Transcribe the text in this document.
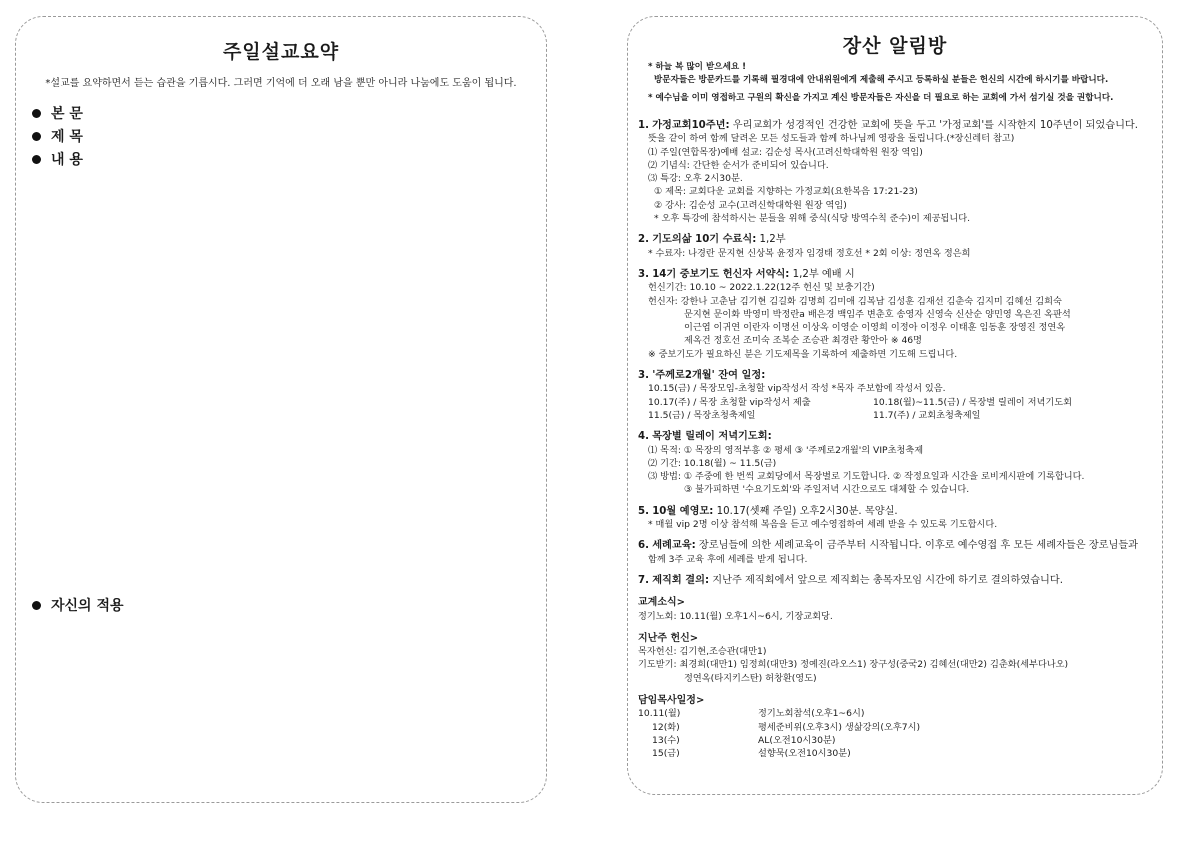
주일설교요약
*설교를 요약하면서 듣는 습관을 기릅시다. 그러면 기억에 더 오래 남을 뿐만 아니라 나눔에도 도움이 됩니다.
본 문
제 목
내 용
자신의 적용
장산 알림방
* 하늘 복 많이 받으세요 !
방문자들은 방문카드를 기록해 필경대에 안내위원에게 제출해 주시고 등록하실 분들은 헌신의 시간에 하시기를 바랍니다.
* 예수님을 이미 영접하고 구원의 확신을 가지고 계신 방문자들은 자신을 더 필요로 하는 교회에 가서 섬기실 것을 권합니다.
1. 가정교회10주년: 우리교회가 성경적인 건강한 교회에 뜻을 두고 '가정교회'를 시작한지 10주년이 되었습니다.
뜻을 같이 하여 함께 달려온 모든 성도들과 함께 하나님께 영광을 돌립니다.(*장신레터 참고)
⑴ 주일(연합목장)예배 설교: 김순성 목사(고려신학대학원 원장 역임)
⑵ 기념식: 간단한 순서가 준비되어 있습니다.
⑶ 특강: 오후 2시30분.
① 제목: 교회다운 교회를 지향하는 가정교회(요한복음 17:21-23)
② 강사: 김순성 교수(고려신학대학원 원장 역임)
* 오후 특강에 참석하시는 분들을 위해 중식(식당 방역수칙 준수)이 제공됩니다.
2. 기도의삶 10기 수료식: 1,2부
* 수료자: 나경란 문지현 신상복 윤정자 임경태 정호선 * 2회 이상: 정연옥 정은희
3. 14기 중보기도 헌신자 서약식: 1,2부 예배 시
헌신기간: 10.10 ~ 2022.1.22(12주 헌신 및 보충기간)
헌신자: 강한나 고춘남 김기현 김길화 김명희 김미애 김복남 김성훈 김재선 김춘숙 김지미 김혜선 김희숙
문지현 문이화 박영미 박정란a 배은경 백임주 변춘호 송영자 신영숙 신산순 양민영 옥은진 옥판석
이근엽 이귀연 이란자 이명선 이상옥 이영순 이영희 이정아 이정우 이태훈 임동훈 장영진 정연옥
제옥건 정호선 조미숙 조복순 조승관 최경란 황안아 ※ 46명
※ 중보기도가 필요하신 분은 기도제목을 기록하여 제출하면 기도해 드립니다.
3. '주께로2개월' 잔여 일정:
10.15(금) / 목장모임-초청할 vip작성서 작성 *목자 주보함에 작성서 있음.
10.17(주) / 목장 초청할 vip작성서 제출	10.18(월)~11.5(금) / 목장별 릴레이 저녁기도회
11.5(금) / 목장초청축제일	11.7(주) / 교회초청축제일
4. 목장별 릴레이 저녁기도회:
⑴ 목적: ① 목장의 영적부흥 ② 평세 ③ '주께로2개월'의 VIP초청축제
⑵ 기간: 10.18(월) ~ 11.5(금)
⑶ 방법: ① 주중에 한 번씩 교회당에서 목장별로 기도합니다. ② 작정요일과 시간을 로비게시판에 기록합니다.
③ 불가피하면 '수요기도회'와 주일저녁 시간으로도 대체할 수 있습니다.
5. 10월 예영모: 10.17(셋째 주일) 오후2시30분. 목양실.
* 매월 vip 2명 이상 참석해 복음을 듣고 예수영접하여 세례 받을 수 있도록 기도합시다.
6. 세례교육: 장로님들에 의한 세례교육이 금주부터 시작됩니다. 이후로 예수영접 후 모든 세례자들은 장로님들과
함께 3주 교육 후에 세례를 받게 됩니다.
7. 제직회 결의: 지난주 제직회에서 앞으로 제직회는 총목자모임 시간에 하기로 결의하였습니다.
교계소식>
정기노회: 10.11(월) 오후1시~6시, 기장교회당.
지난주 헌신>
목자헌신: 김기현,조승관(대만1)
기도받기: 최경희(대만1) 임정희(대만3) 정예진(라오스1) 장구성(중국2) 김혜선(대만2) 김춘화(세부다나오)
정연옥(타지키스탄) 허창환(영도)
담임목사일정>
10.11(월)	정기노회참석(오후1~6시)
12(화)	평세준비위(오후3시) 생삶강의(오후7시)
13(수)	AL(오전10시30분)
15(금)	설향묵(오전10시30분)
